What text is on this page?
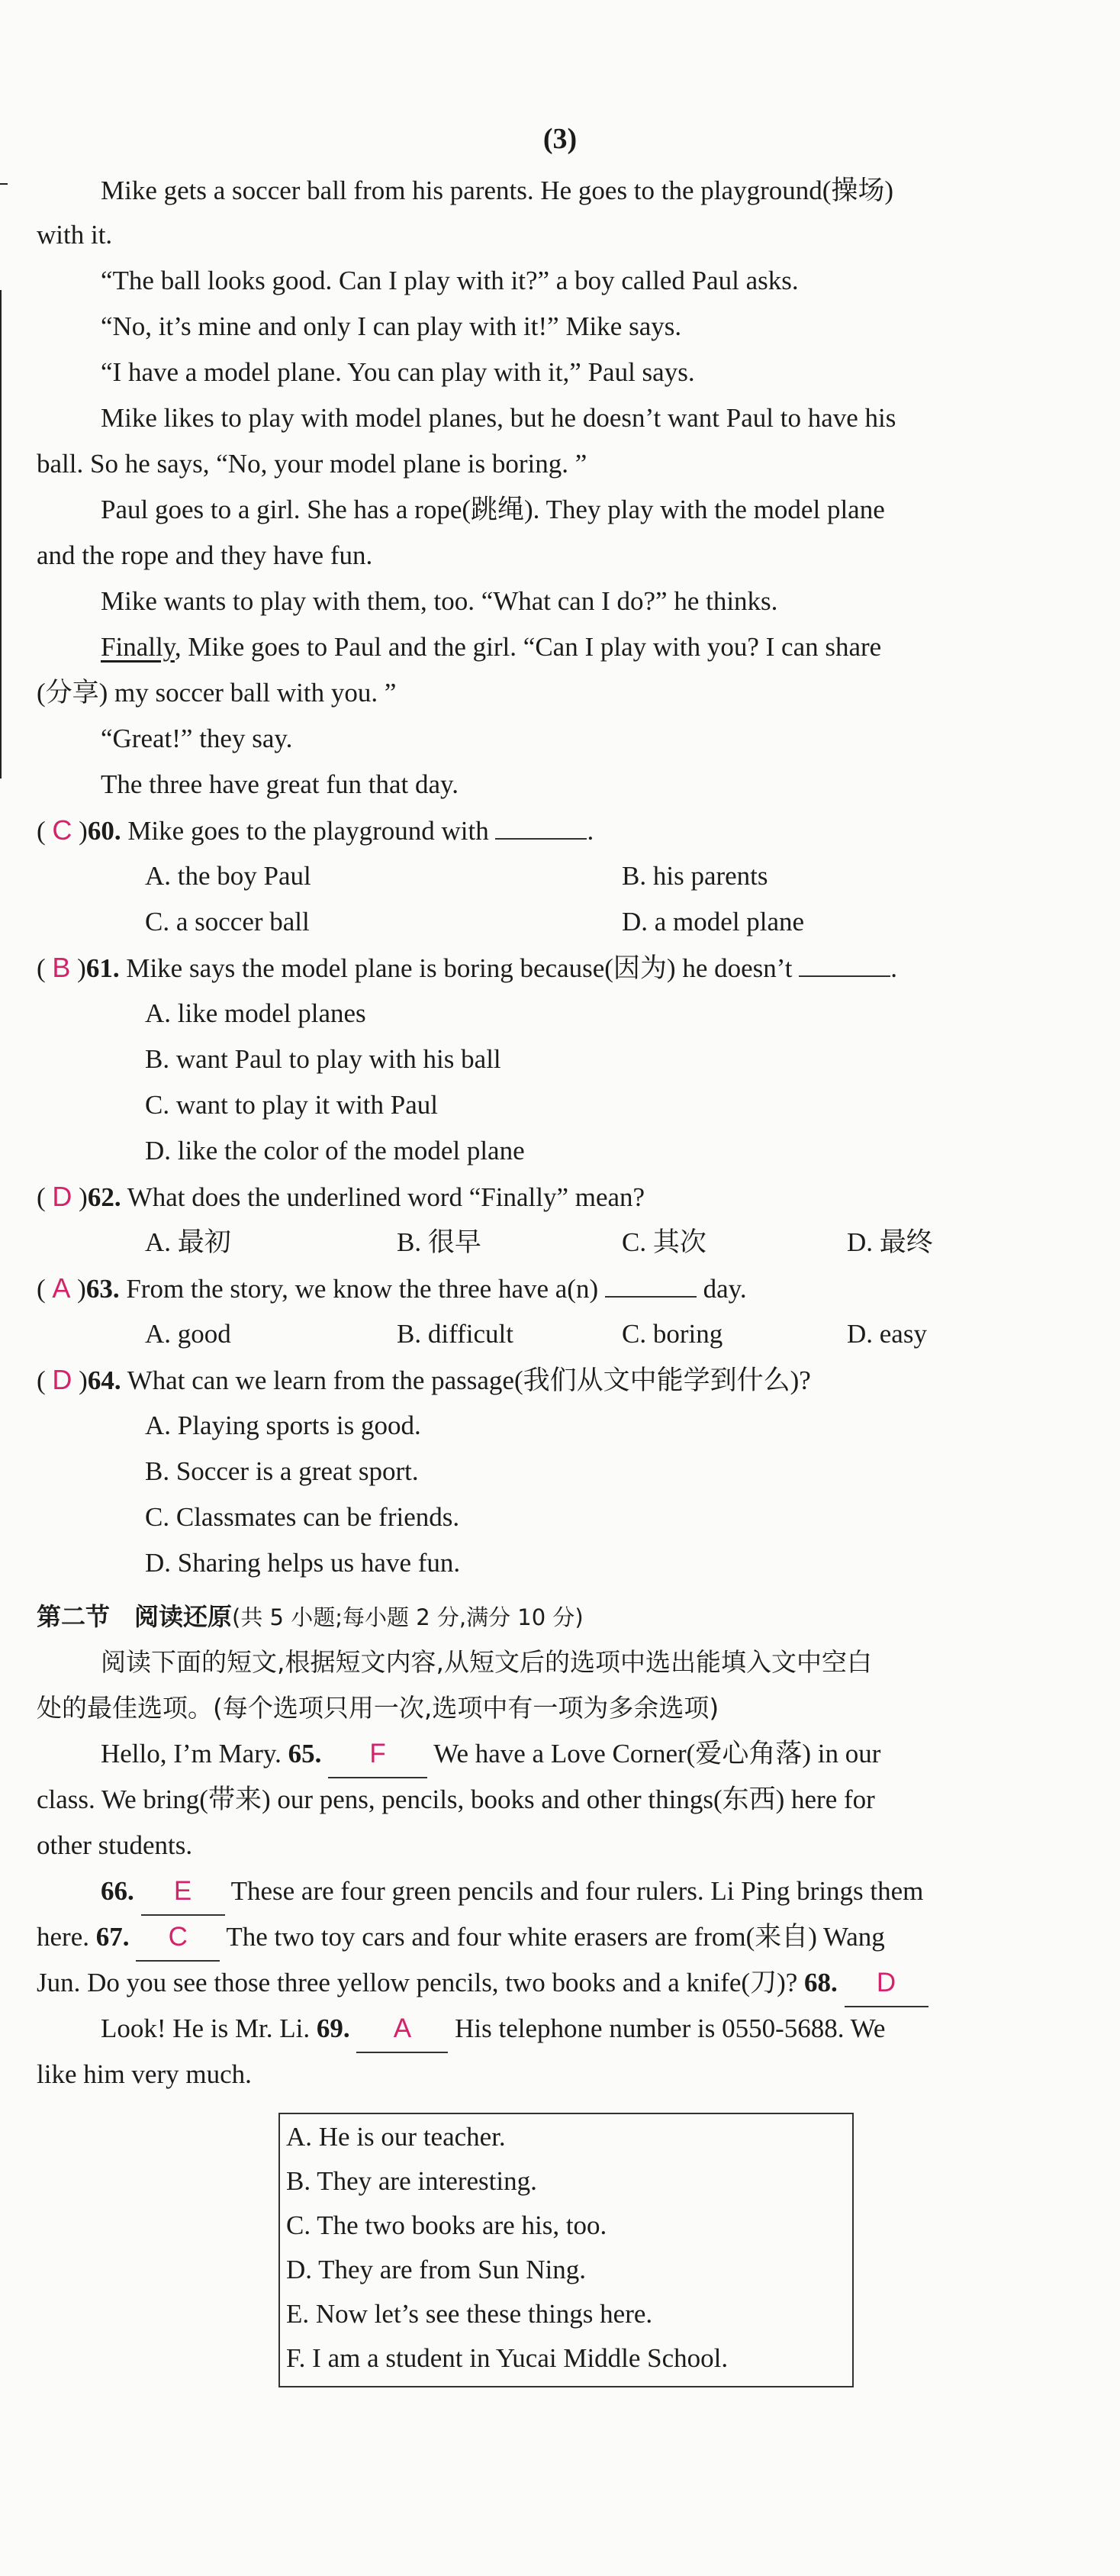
(3)
Mike gets a soccer ball from his parents. He goes to the playground(操场)
with it.
“The ball looks good. Can I play with it?” a boy called Paul asks.
“No, it’s mine and only I can play with it!” Mike says.
“I have a model plane. You can play with it,” Paul says.
Mike likes to play with model planes, but he doesn’t want Paul to have his
ball. So he says, “No, your model plane is boring. ”
Paul goes to a girl. She has a rope(跳绳). They play with the model plane
and the rope and they have fun.
Mike wants to play with them, too. “What can I do?” he thinks.
Finally, Mike goes to Paul and the girl. “Can I play with you? I can share
(分享) my soccer ball with you. ”
“Great!” they say.
The three have great fun that day.
( C )60. Mike goes to the playground with	.
A. the boy Paul	B. his parents
C. a soccer ball	D. a model plane
( B )61. Mike says the model plane is boring because(因为) he doesn’t	.
A. like model planes
B. want Paul to play with his ball
C. want to play it with Paul
D. like the color of the model plane
( D )62. What does the underlined word “Finally” mean?
A. 最初	B. 很早	C. 其次	D. 最终
( A )63. From the story, we know the three have a(n)	day.
A. good	B. difficult	C. boring	D. easy
( D )64. What can we learn from the passage(我们从文中能学到什么)?
A. Playing sports is good.
B. Soccer is a great sport.
C. Classmates can be friends.
D. Sharing helps us have fun.
第二节　阅读还原(共 5 小题;每小题 2 分,满分 10 分)
阅读下面的短文,根据短文内容,从短文后的选项中选出能填入文中空白
处的最佳选项。(每个选项只用一次,选项中有一项为多余选项)
Hello, I’m Mary. 65. F We have a Love Corner(爱心角落) in our
class. We bring(带来) our pens, pencils, books and other things(东西) here for
other students.
66. E These are four green pencils and four rulers. Li Ping brings them
here. 67. C The two toy cars and four white erasers are from(来自) Wang
Jun. Do you see those three yellow pencils, two books and a knife(刀)? 68. D
Look! He is Mr. Li. 69. A His telephone number is 0550-5688. We
like him very much.
A. He is our teacher.
B. They are interesting.
C. The two books are his, too.
D. They are from Sun Ning.
E. Now let’s see these things here.
F. I am a student in Yucai Middle School.
